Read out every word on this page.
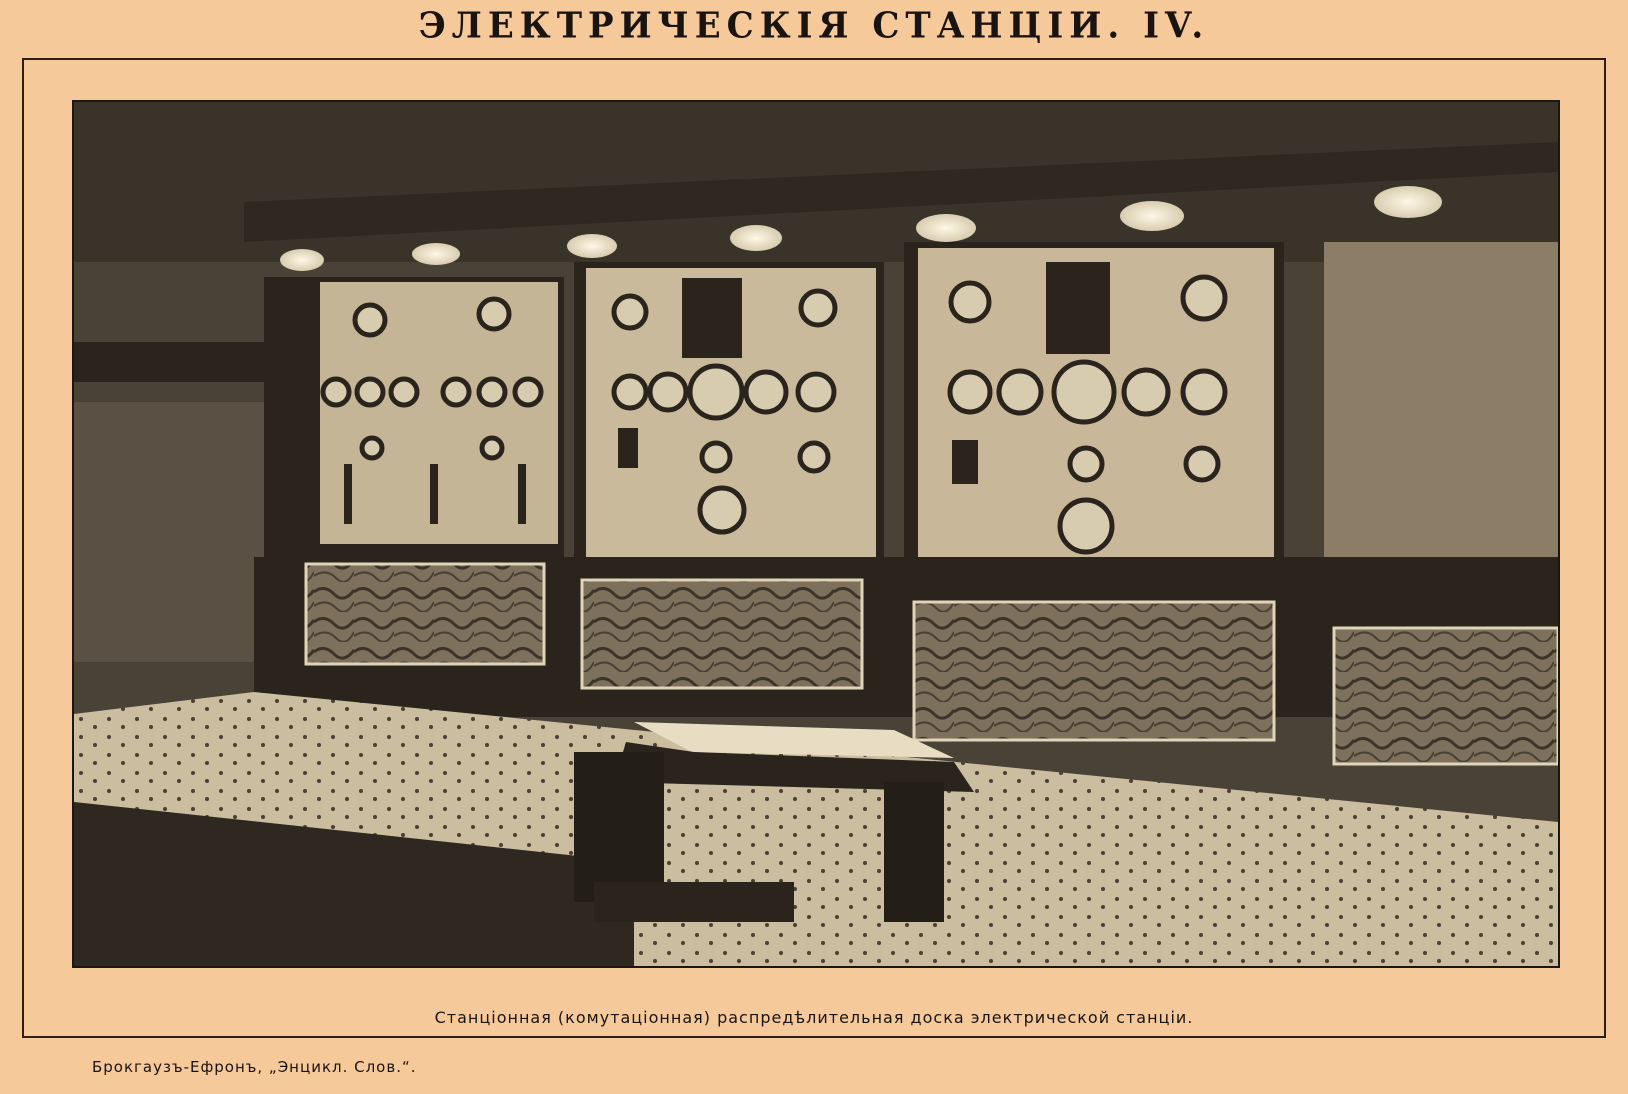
ЭЛЕКТРИЧЕСКІЯ СТАНЦІИ. IV.
Станціонная (комутаціонная) распредѣлительная доска электрической станціи.
Брокгаузъ-Ефронъ, „Энцикл. Слов.“.
